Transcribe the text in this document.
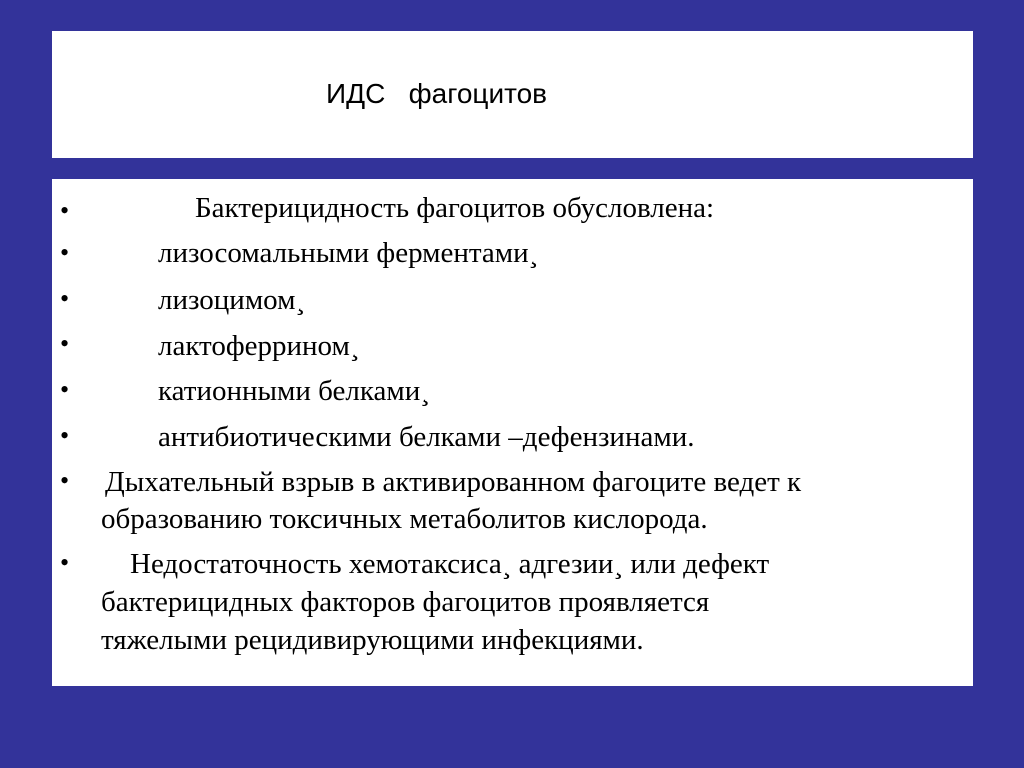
ИДС   фагоцитов
•
•
•
•
•
•
•
•
Бактерицидность фагоцитов обусловлена:
лизосомальными ферментами¸
лизоцимом¸
лактоферрином¸
катионными белками¸
антибиотическими белками –дефензинами.
Дыхательный взрыв в активированном фагоците ведет к
образованию токсичных метаболитов кислорода.
Недостаточность хемотаксиса¸ адгезии¸ или дефект
бактерицидных факторов фагоцитов проявляется
тяжелыми рецидивирующими инфекциями.
